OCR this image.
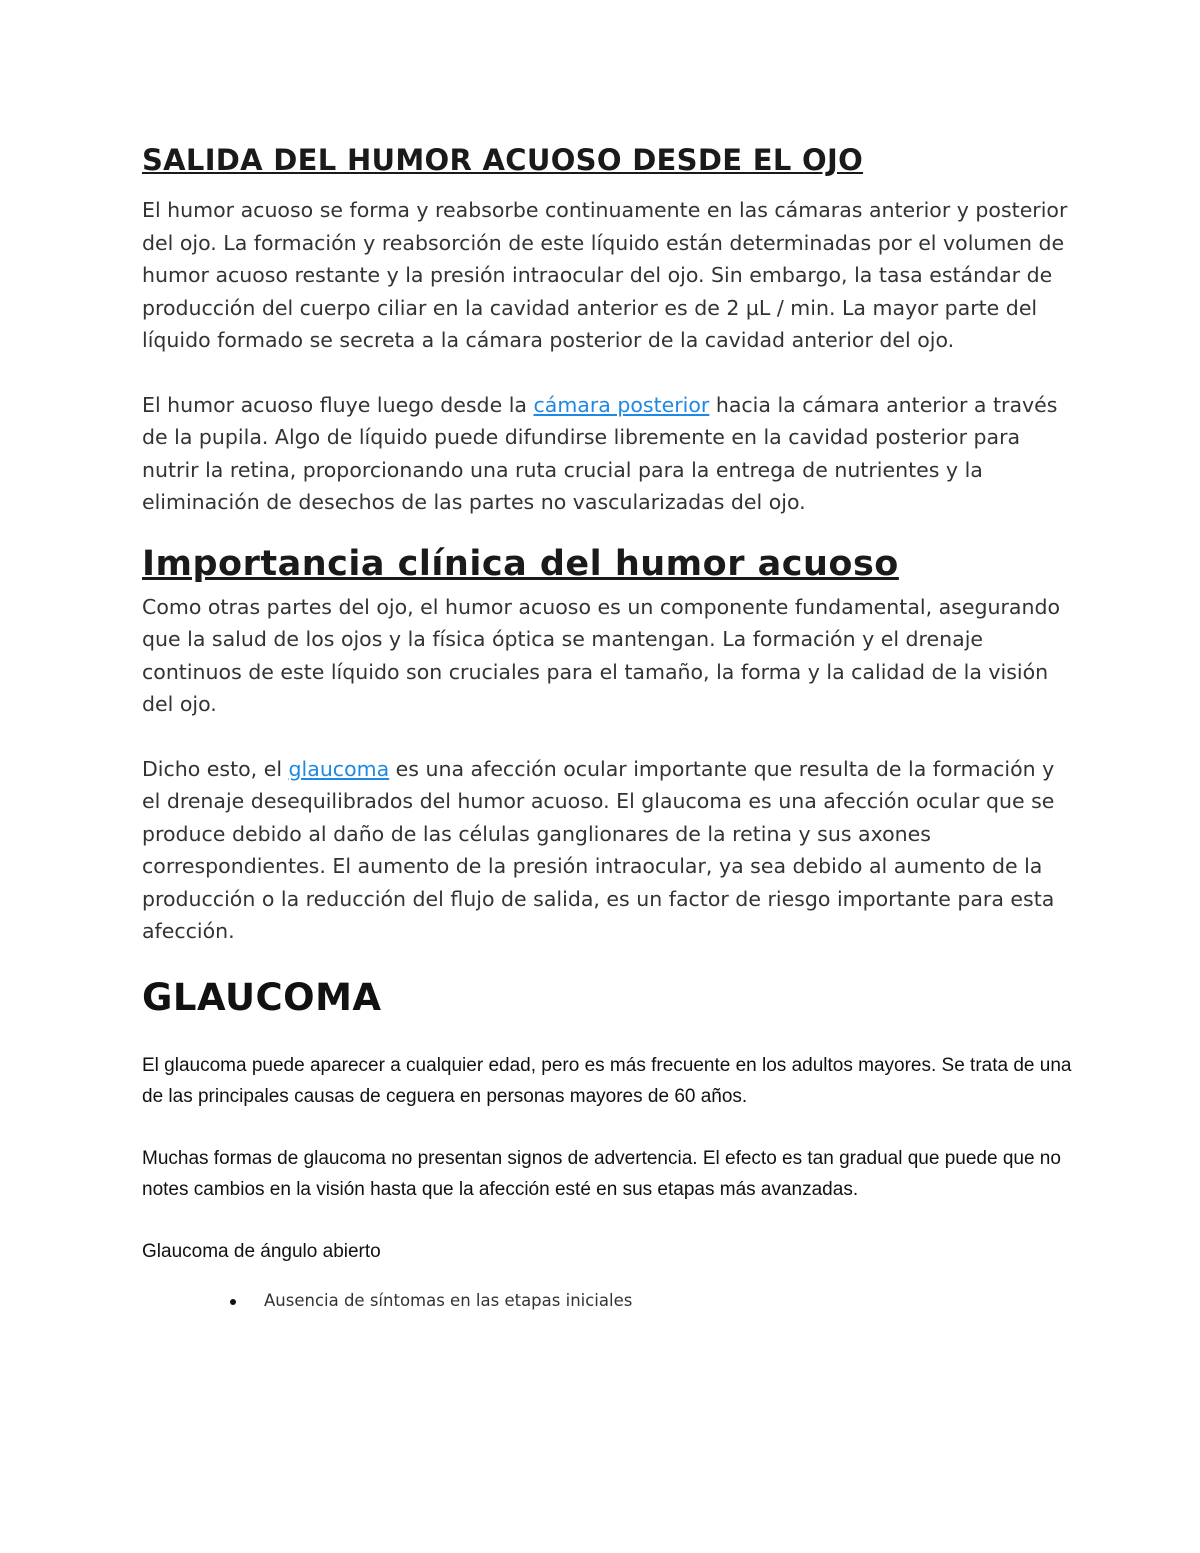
SALIDA DEL HUMOR ACUOSO DESDE EL OJO

El humor acuoso se forma y reabsorbe continuamente en las cámaras anterior y posterior del ojo. La formación y reabsorción de este líquido están determinadas por el volumen de humor acuoso restante y la presión intraocular del ojo. Sin embargo, la tasa estándar de producción del cuerpo ciliar en la cavidad anterior es de 2 µL / min. La mayor parte del líquido formado se secreta a la cámara posterior de la cavidad anterior del ojo.

El humor acuoso fluye luego desde la cámara posterior hacia la cámara anterior a través de la pupila. Algo de líquido puede difundirse libremente en la cavidad posterior para nutrir la retina, proporcionando una ruta crucial para la entrega de nutrientes y la eliminación de desechos de las partes no vascularizadas del ojo.

Importancia clínica del humor acuoso

Como otras partes del ojo, el humor acuoso es un componente fundamental, asegurando que la salud de los ojos y la física óptica se mantengan. La formación y el drenaje continuos de este líquido son cruciales para el tamaño, la forma y la calidad de la visión del ojo.

Dicho esto, el glaucoma es una afección ocular importante que resulta de la formación y el drenaje desequilibrados del humor acuoso. El glaucoma es una afección ocular que se produce debido al daño de las células ganglionares de la retina y sus axones correspondientes. El aumento de la presión intraocular, ya sea debido al aumento de la producción o la reducción del flujo de salida, es un factor de riesgo importante para esta afección.

GLAUCOMA

El glaucoma puede aparecer a cualquier edad, pero es más frecuente en los adultos mayores. Se trata de una de las principales causas de ceguera en personas mayores de 60 años.

Muchas formas de glaucoma no presentan signos de advertencia. El efecto es tan gradual que puede que no notes cambios en la visión hasta que la afección esté en sus etapas más avanzadas.

Glaucoma de ángulo abierto

Ausencia de síntomas en las etapas iniciales
